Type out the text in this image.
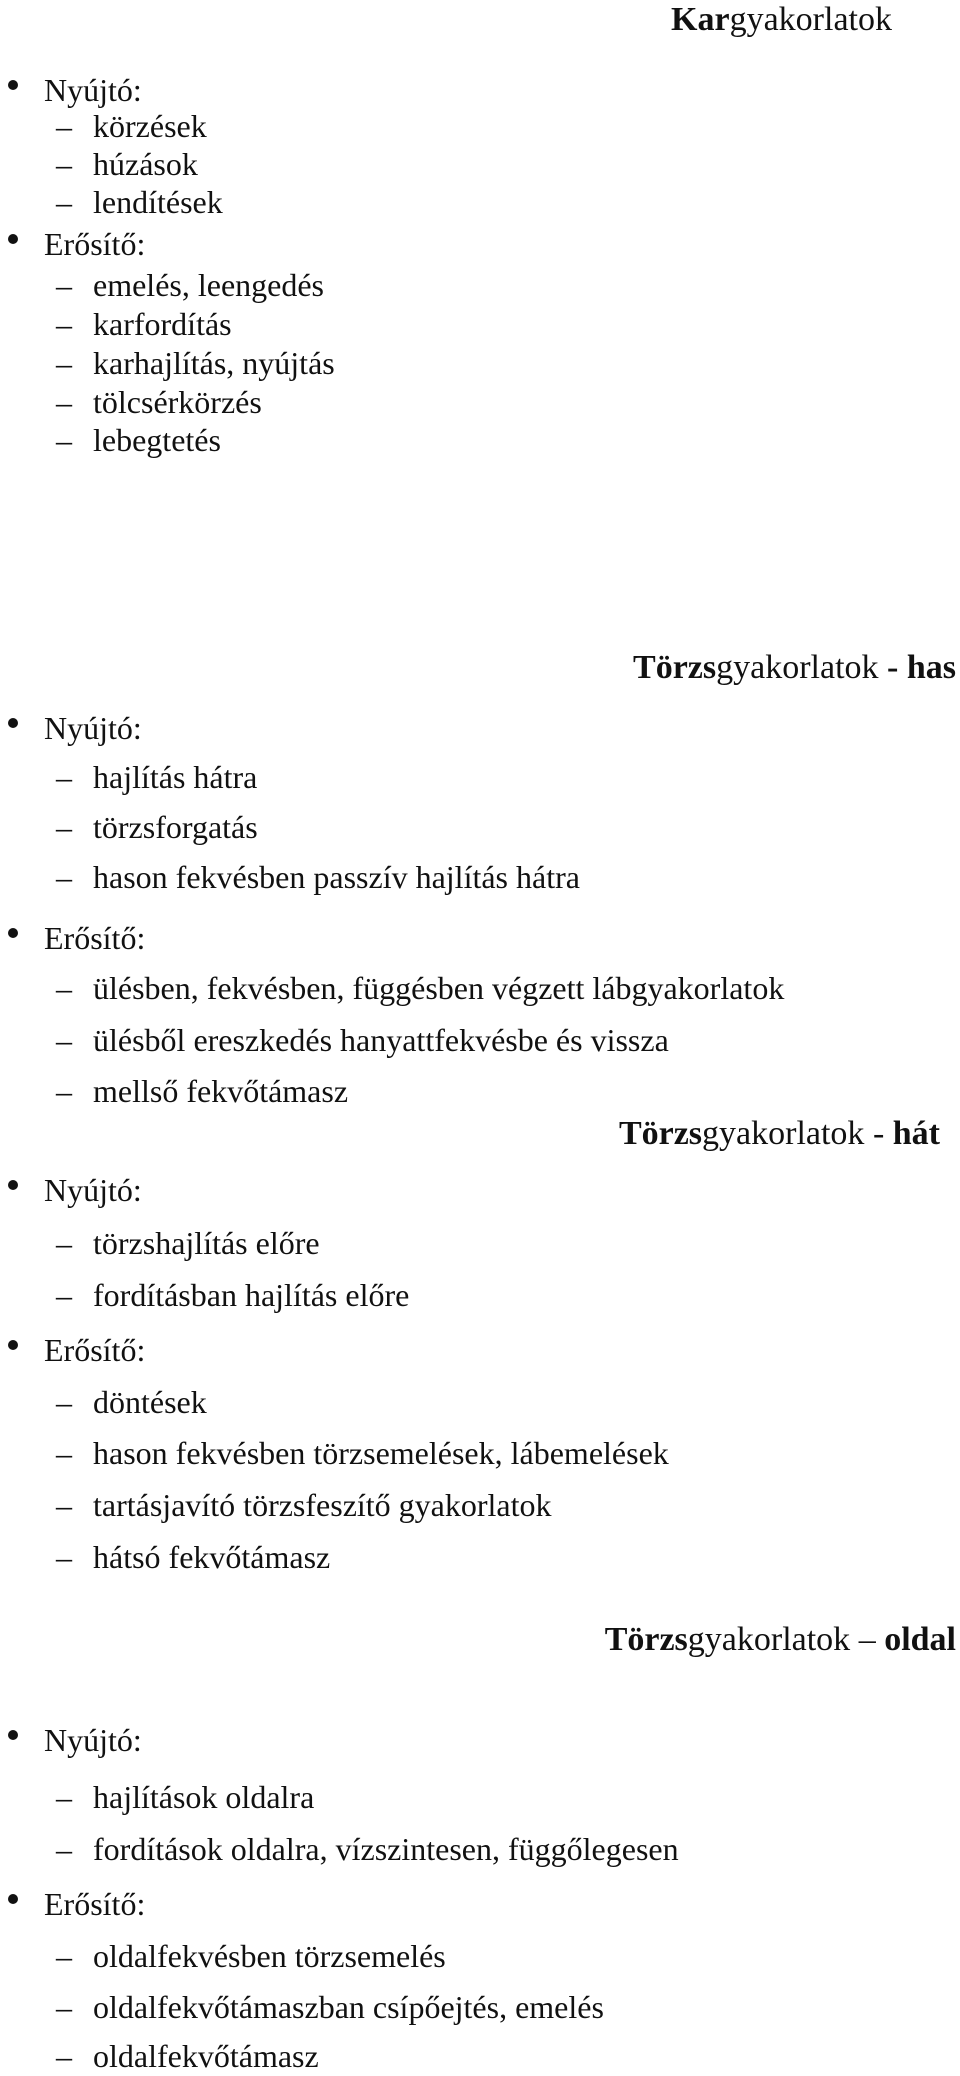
Kargyakorlatok
Nyújtó:
– körzések
– húzások
– lendítések
Erősítő:
– emelés, leengedés
– karfordítás
– karhajlítás, nyújtás
– tölcsérkörzés
– lebegtetés
Törzsgyakorlatok - has
Nyújtó:
– hajlítás hátra
– törzsforgatás
– hason fekvésben passzív hajlítás hátra
Erősítő:
– ülésben, fekvésben, függésben végzett lábgyakorlatok
– ülésből ereszkedés hanyattfekvésbe és vissza
– mellső fekvőtámasz
Törzsgyakorlatok - hát
Nyújtó:
– törzshajlítás előre
– fordításban hajlítás előre
Erősítő:
– döntések
– hason fekvésben törzsemelések, lábemelések
– tartásjavító törzsfeszítő gyakorlatok
– hátsó fekvőtámasz
Törzsgyakorlatok – oldal
Nyújtó:
– hajlítások oldalra
– fordítások oldalra, vízszintesen, függőlegesen
Erősítő:
– oldalfekvésben törzsemelés
– oldalfekvőtámaszban csípőejtés, emelés
– oldalfekvőtámasz
